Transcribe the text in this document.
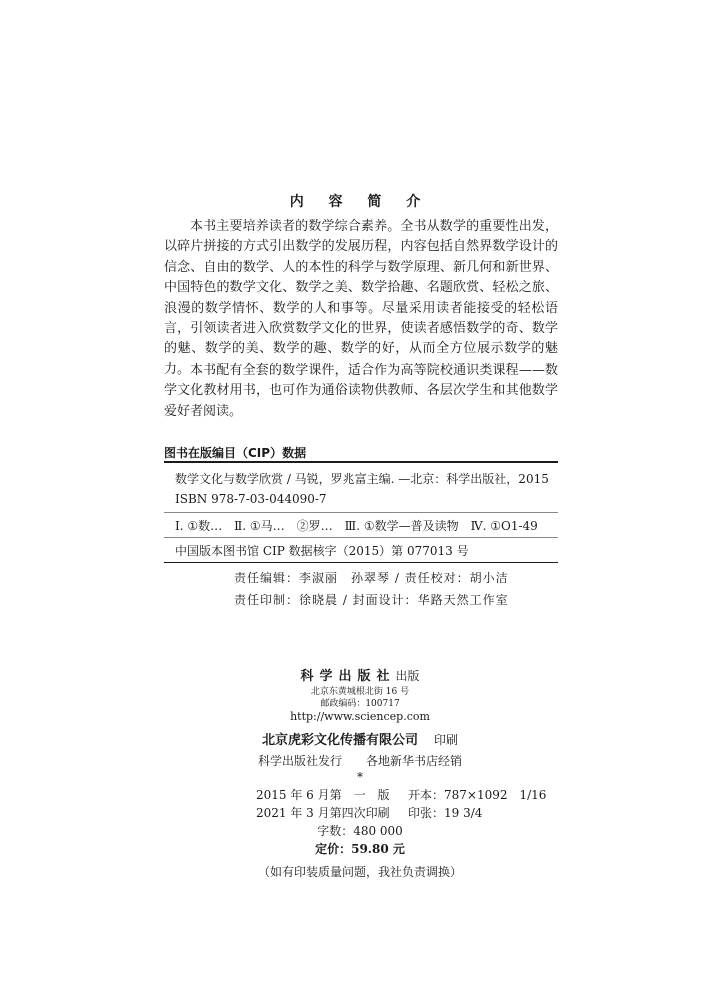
内 容 简 介

本书主要培养读者的数学综合素养。全书从数学的重要性出发，以碎片拼接的方式引出数学的发展历程，内容包括自然界数学设计的信念、自由的数学、人的本性的科学与数学原理、新几何和新世界、中国特色的数学文化、数学之美、数学拾趣、名题欣赏、轻松之旅、浪漫的数学情怀、数学的人和事等。尽量采用读者能接受的轻松语言，引领读者进入欣赏数学文化的世界，使读者感悟数学的奇、数学的魅、数学的美、数学的趣、数学的好，从而全方位展示数学的魅力。 本书配有全套的数学课件，适合作为高等院校通识类课程——数学文化教材用书，也可作为通俗读物供教师、各层次学生和其他数学爱好者阅读。

图书在版编目（CIP）数据
数学文化与数学欣赏 / 马锐，罗兆富主编. —北京：科学出版社，2015
ISBN 978-7-03-044090-7
Ⅰ. ①数…　Ⅱ. ①马…　②罗…　Ⅲ. ①数学—普及读物　Ⅳ. ①O1-49
中国版本图书馆 CIP 数据核字（2015）第 077013 号
责任编辑：李淑丽　孙翠琴 / 责任校对：胡小洁
责任印制：徐晓晨 / 封面设计：华路天然工作室
科学出版社出版
北京东黄城根北街 16 号
邮政编码：100717
http://www.sciencep.com
北京虎彩文化传播有限公司  印刷
科学出版社发行　　各地新华书店经销
*
2015 年 6 月第　一　版 开本：787×1092　1/16
2021 年 3 月第四次印刷 印张：19 3/4
字数：480 000
定价：59.80 元
（如有印装质量问题，我社负责调换）
